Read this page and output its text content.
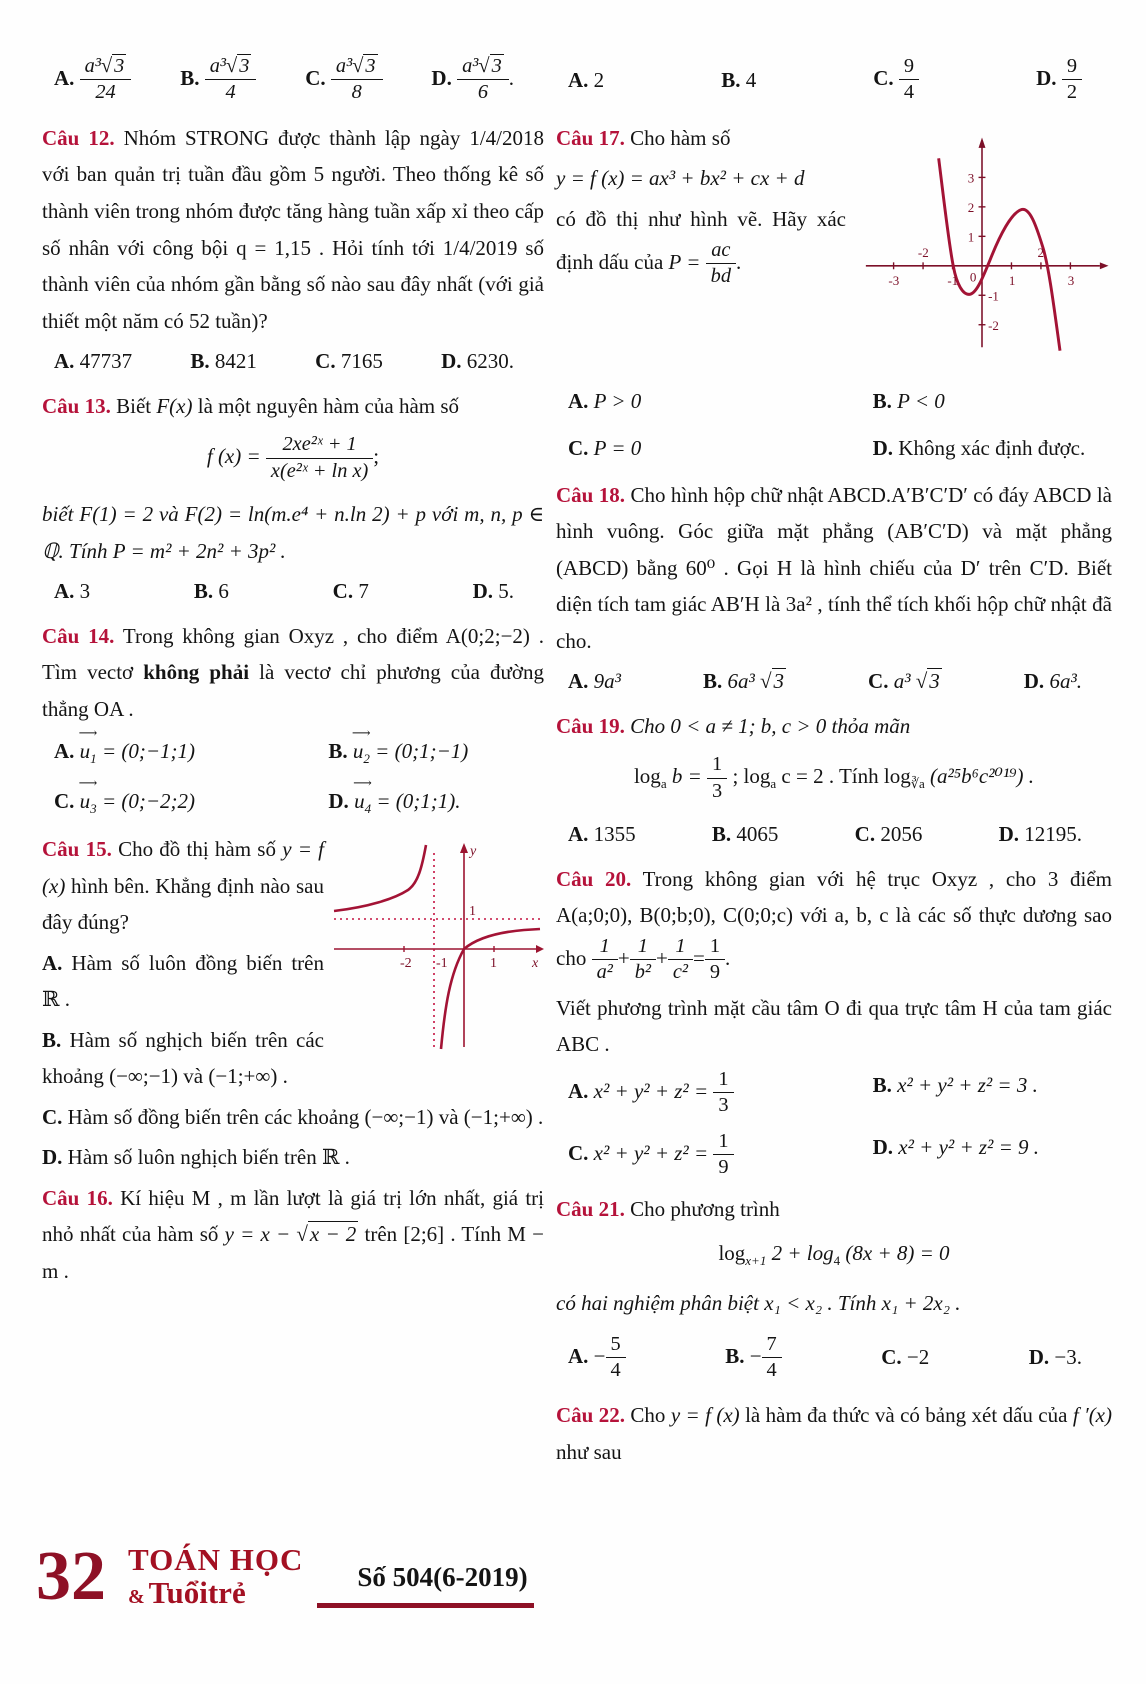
A. $\frac{\text{a³√3}}{24} B$. $\frac{\text{a³√3}}{4} C$. $\frac{\text{a³√3}}{8} D$. $\frac{\text{a³√3}}{6}$ .

Câu 12. Nhóm STRONG được thành lập ngày 1/4/2018 với ban quản trị tuần đầu gồm 5 người. Theo thống kê số thành viên trong nhóm được tăng hàng tuần xấp xỉ theo cấp số nhân với công bội q = 1,15 . Hỏi tính tới 1/4/2019 số thành viên của nhóm gần bằng số nào sau đây nhất (với giả thiết một năm có 52 tuần)?

A. 47737	B. 8421	C. 7165	D. 6230.

Câu 13. Biết F(x) là một nguyên hàm của hàm số

f $(x) = \frac{\text{2xe²ˣ + 1}}{\text{x(e²ˣ + ln x)}}$ ;

biết F(1) = 2 và F(2) = ln(m.e⁴ + n.ln 2) + p với m, n, p ∈ ℚ. Tính P = m² + 2n² + 3p² .

A. 3	B. 6	C. 7	D. 5.

Câu 14. Trong không gian Oxyz , cho điểm A(0;2;−2) . Tìm vectơ không phải là vectơ chỉ phương của đường thẳng OA .

A.
⟶
$u_1$ = (0;−1;1)	B.
⟶
$u_2$ = (0;1;−1)
C.
⟶
$u_3$ = (0;−2;2)	D.
⟶
$u_4$ = (0;1;1).
-2 -1	1
1
x
y

Câu 15. Cho đồ thị hàm số y = f (x) hình bên. Khẳng định nào sau đây đúng?

A. Hàm số luôn đồng biến trên ℝ .

B. Hàm số nghịch biến trên các khoảng (−∞;−1) và (−1;+∞) .

C. Hàm số đồng biến trên các khoảng (−∞;−1) và (−1;+∞) .

D. Hàm số luôn nghịch biến trên ℝ .

Câu 16. Kí hiệu M , m lần lượt là giá trị lớn nhất, giá trị nhỏ nhất của hàm số y = x − √x − 2 trên [2;6] . Tính M − m .

A. 2	B. 4	C. $\frac{9}{4}$	D. $\frac{9}{2}$

Câu 17. Cho hàm số

y = f (x) = ax³ + bx² + cx + d

có đồ thị như hình vẽ. Hãy xác định dấu của $P = \frac{ac}{bd}$ .

3
2
1
-1
-2
-3
-2
-1 0 1
2
3
A. P > 0	B. P < 0
C. P = 0	D. Không xác định được.

Câu 18. Cho hình hộp chữ nhật ABCD.A′B′C′D′ có đáy ABCD là hình vuông. Góc giữa mặt phẳng (AB′C′D) và mặt phẳng (ABCD) bằng 60⁰ . Gọi H là hình chiếu của D′ trên C′D. Biết diện tích tam giác AB′H là 3a² , tính thể tích khối hộp chữ nhật đã cho.

A. 9a³	B. 6a³ √3	C. a³ √3	D. 6a³.

Câu 19. Cho 0 < a ≠ 1; b, c > 0 thỏa mãn

$\log_a b = \frac{1}{3}$ ; $\log_a c = 2$ . Tính $\log_{∛a} (a^{25}b^6c^{2019})$ .
A. 1355	B. 4065	C. 2056	D. 12195.

Câu 20. Trong không gian với hệ trục Oxyz , cho 3 điểm A(a;0;0), B(0;b;0), C(0;0;c) với a, b, c là các số thực dương sao cho $\frac{1}{\text{a²}} + \frac{1}{\text{b²}} + \frac{1}{\text{c²}} = \frac{1}{9}$ .

Viết phương trình mặt cầu tâm O đi qua trực tâm H của tam giác ABC .

A. $x^2 + y^2 + z^2 = \frac{1}{3}$	B. x² + y² + z² = 3 .
C. $x^2 + y^2 + z^2 = \frac{1}{9}$	D. x² + y² + z² = 9 .

Câu 21. Cho phương trình

$\log_{x+1} 2 + \log_4 (8x + 8) = 0$

có hai nghiệm phân biệt x₁ < x₂ . Tính x₁ + 2x₂ .

A. − $\frac{5}{4}$	B. − $\frac{7}{4}$	C. −2	D. −3.

Câu 22. Cho y = f (x) là hàm đa thức và có bảng xét dấu của f ′(x) như sau

32 TOÁN HỌC
& Tuổitrẻ	Số 504(6-2019)
